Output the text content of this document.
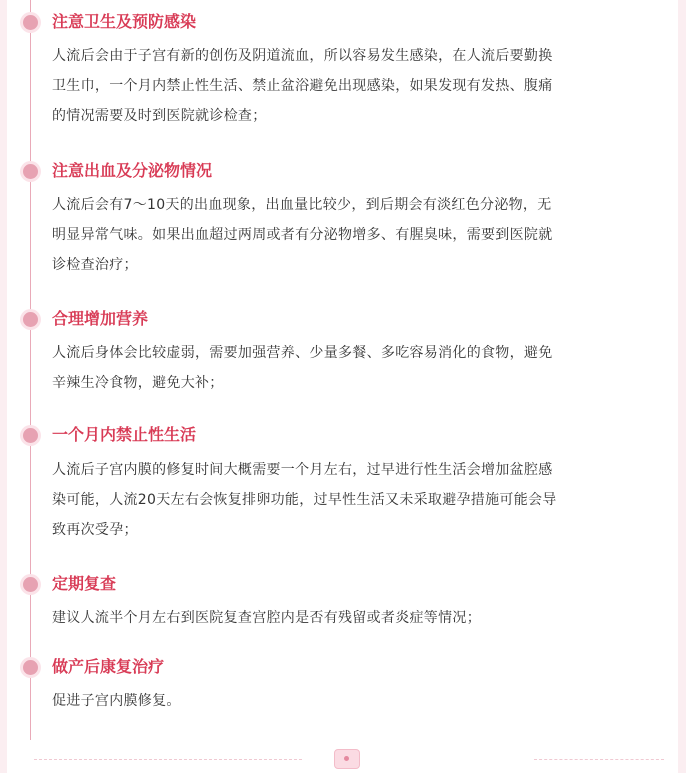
注意卫生及预防感染

人流后会由于子宫有新的创伤及阴道流血，所以容易发生感染，在人流后要勤换
卫生巾，一个月内禁止性生活、禁止盆浴避免出现感染，如果发现有发热、腹痛
的情况需要及时到医院就诊检查；

注意出血及分泌物情况

人流后会有7～10天的出血现象，出血量比较少，到后期会有淡红色分泌物，无
明显异常气味。如果出血超过两周或者有分泌物增多、有腥臭味，需要到医院就
诊检查治疗；

合理增加营养

人流后身体会比较虚弱，需要加强营养、少量多餐、多吃容易消化的食物，避免
辛辣生冷食物，避免大补；

一个月内禁止性生活

人流后子宫内膜的修复时间大概需要一个月左右，过早进行性生活会增加盆腔感
染可能，人流20天左右会恢复排卵功能，过早性生活又未采取避孕措施可能会导
致再次受孕；

定期复查

建议人流半个月左右到医院复查宫腔内是否有残留或者炎症等情况；

做产后康复治疗

促进子宫内膜修复。
